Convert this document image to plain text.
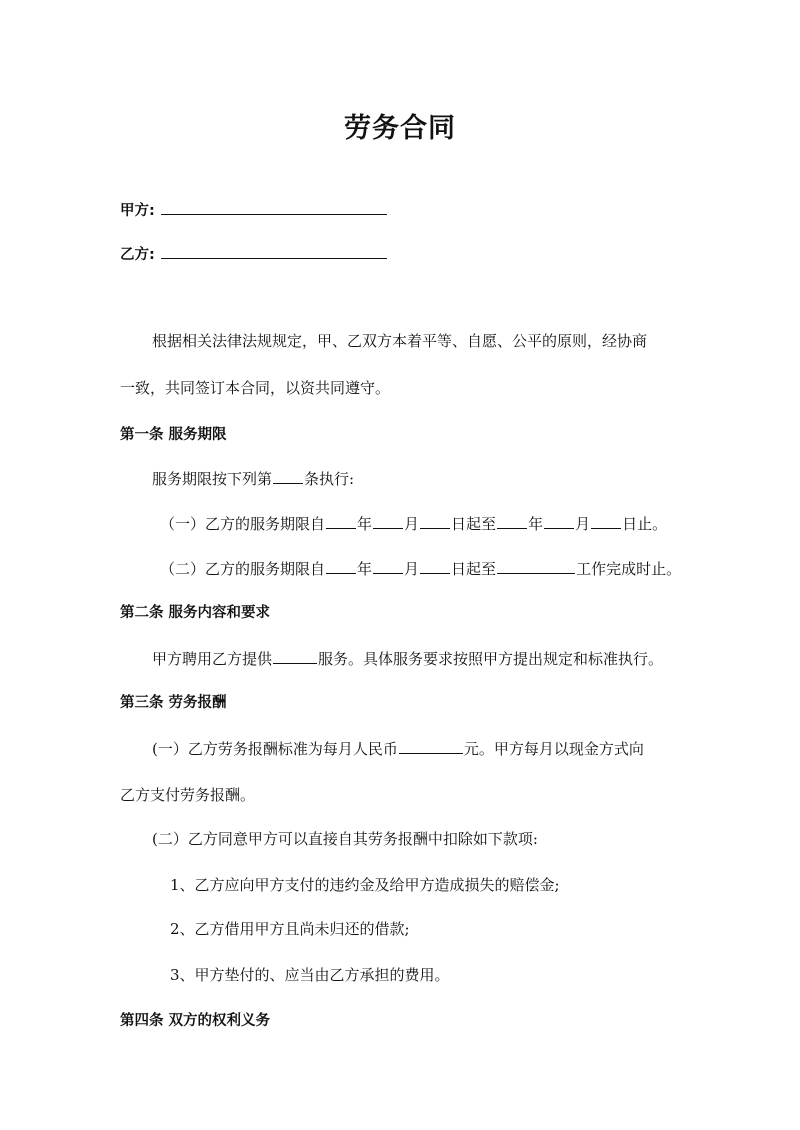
劳务合同
甲方:
乙方:
根据相关法律法规规定，甲、乙双方本着平等、自愿、公平的原则，经协商
一致，共同签订本合同，以资共同遵守。
第一条 服务期限
服务期限按下列第 条执行:
（一）乙方的服务期限自 年 月 日起至 年 月 日止。
（二）乙方的服务期限自 年 月 日起至	工作完成时止。
第二条 服务内容和要求
甲方聘用乙方提供	服务。具体服务要求按照甲方提出规定和标准执行。
第三条 劳务报酬
(一）乙方劳务报酬标准为每月人民币	元。甲方每月以现金方式向
乙方支付劳务报酬。
(二）乙方同意甲方可以直接自其劳务报酬中扣除如下款项:
1、乙方应向甲方支付的违约金及给甲方造成损失的赔偿金;
2、乙方借用甲方且尚未归还的借款;
3、甲方垫付的、应当由乙方承担的费用。
第四条 双方的权利义务
